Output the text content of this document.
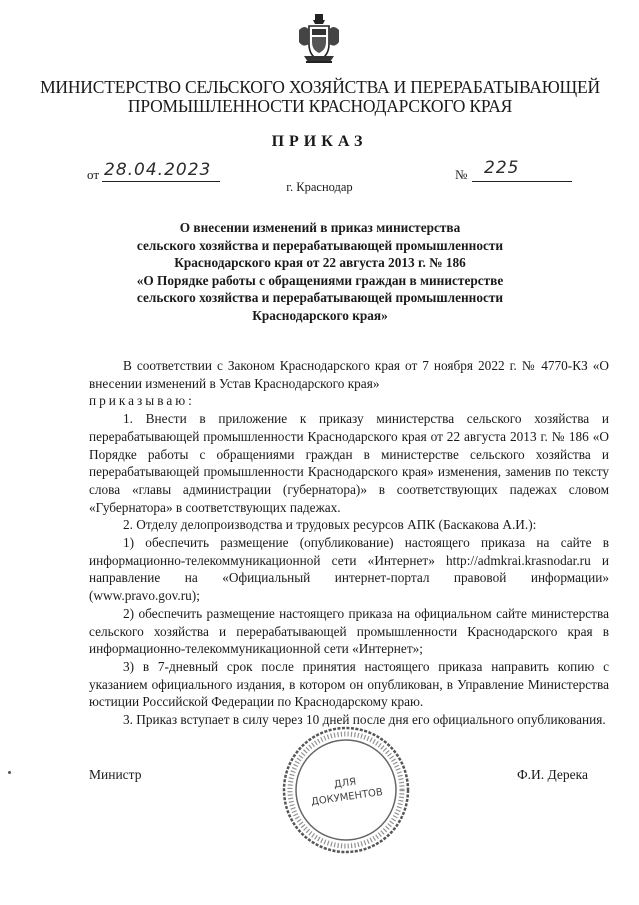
МИНИСТЕРСТВО СЕЛЬСКОГО ХОЗЯЙСТВА И ПЕРЕРАБАТЫВАЮЩЕЙ
ПРОМЫШЛЕННОСТИ КРАСНОДАРСКОГО КРАЯ
ПРИКАЗ
от 28.04.2023	№ 225
г. Краснодар
О внесении изменений в приказ министерства
сельского хозяйства и перерабатывающей промышленности
Краснодарского края от 22 августа 2013 г. № 186
«О Порядке работы с обращениями граждан в министерстве
сельского хозяйства и перерабатывающей промышленности
Краснодарского края»

В соответствии с Законом Краснодарского края от 7 ноября 2022 г. № 4770-КЗ «О внесении изменений в Устав Краснодарского края»

приказываю:

1. Внести в приложение к приказу министерства сельского хозяйства и перерабатывающей промышленности Краснодарского края от 22 августа 2013 г. № 186 «О Порядке работы с обращениями граждан в министерстве сельского хозяйства и перерабатывающей промышленности Краснодарского края» изменения, заменив по тексту слова «главы администрации (губернатора)» в соответствующих падежах словом «Губернатора» в соответствующих падежах.

2. Отделу делопроизводства и трудовых ресурсов АПК (Баскакова А.И.):

1) обеспечить размещение (опубликование) настоящего приказа на сайте в информационно-телекоммуникационной сети «Интернет» http://admkrai.krasnodar.ru и направление на «Официальный интернет-портал правовой информации» (www.pravo.gov.ru);

2) обеспечить размещение настоящего приказа на официальном сайте министерства сельского хозяйства и перерабатывающей промышленности Краснодарского края в информационно-телекоммуникационной сети «Интернет»;

3) в 7-дневный срок после принятия настоящего приказа направить копию с указанием официального издания, в котором он опубликован, в Управление Министерства юстиции Российской Федерации по Краснодарскому краю.

3. Приказ вступает в силу через 10 дней после дня его официального опубликования.

Министр	Ф.И. Дерека
ДЛЯ
ДОКУМЕНТОВ
